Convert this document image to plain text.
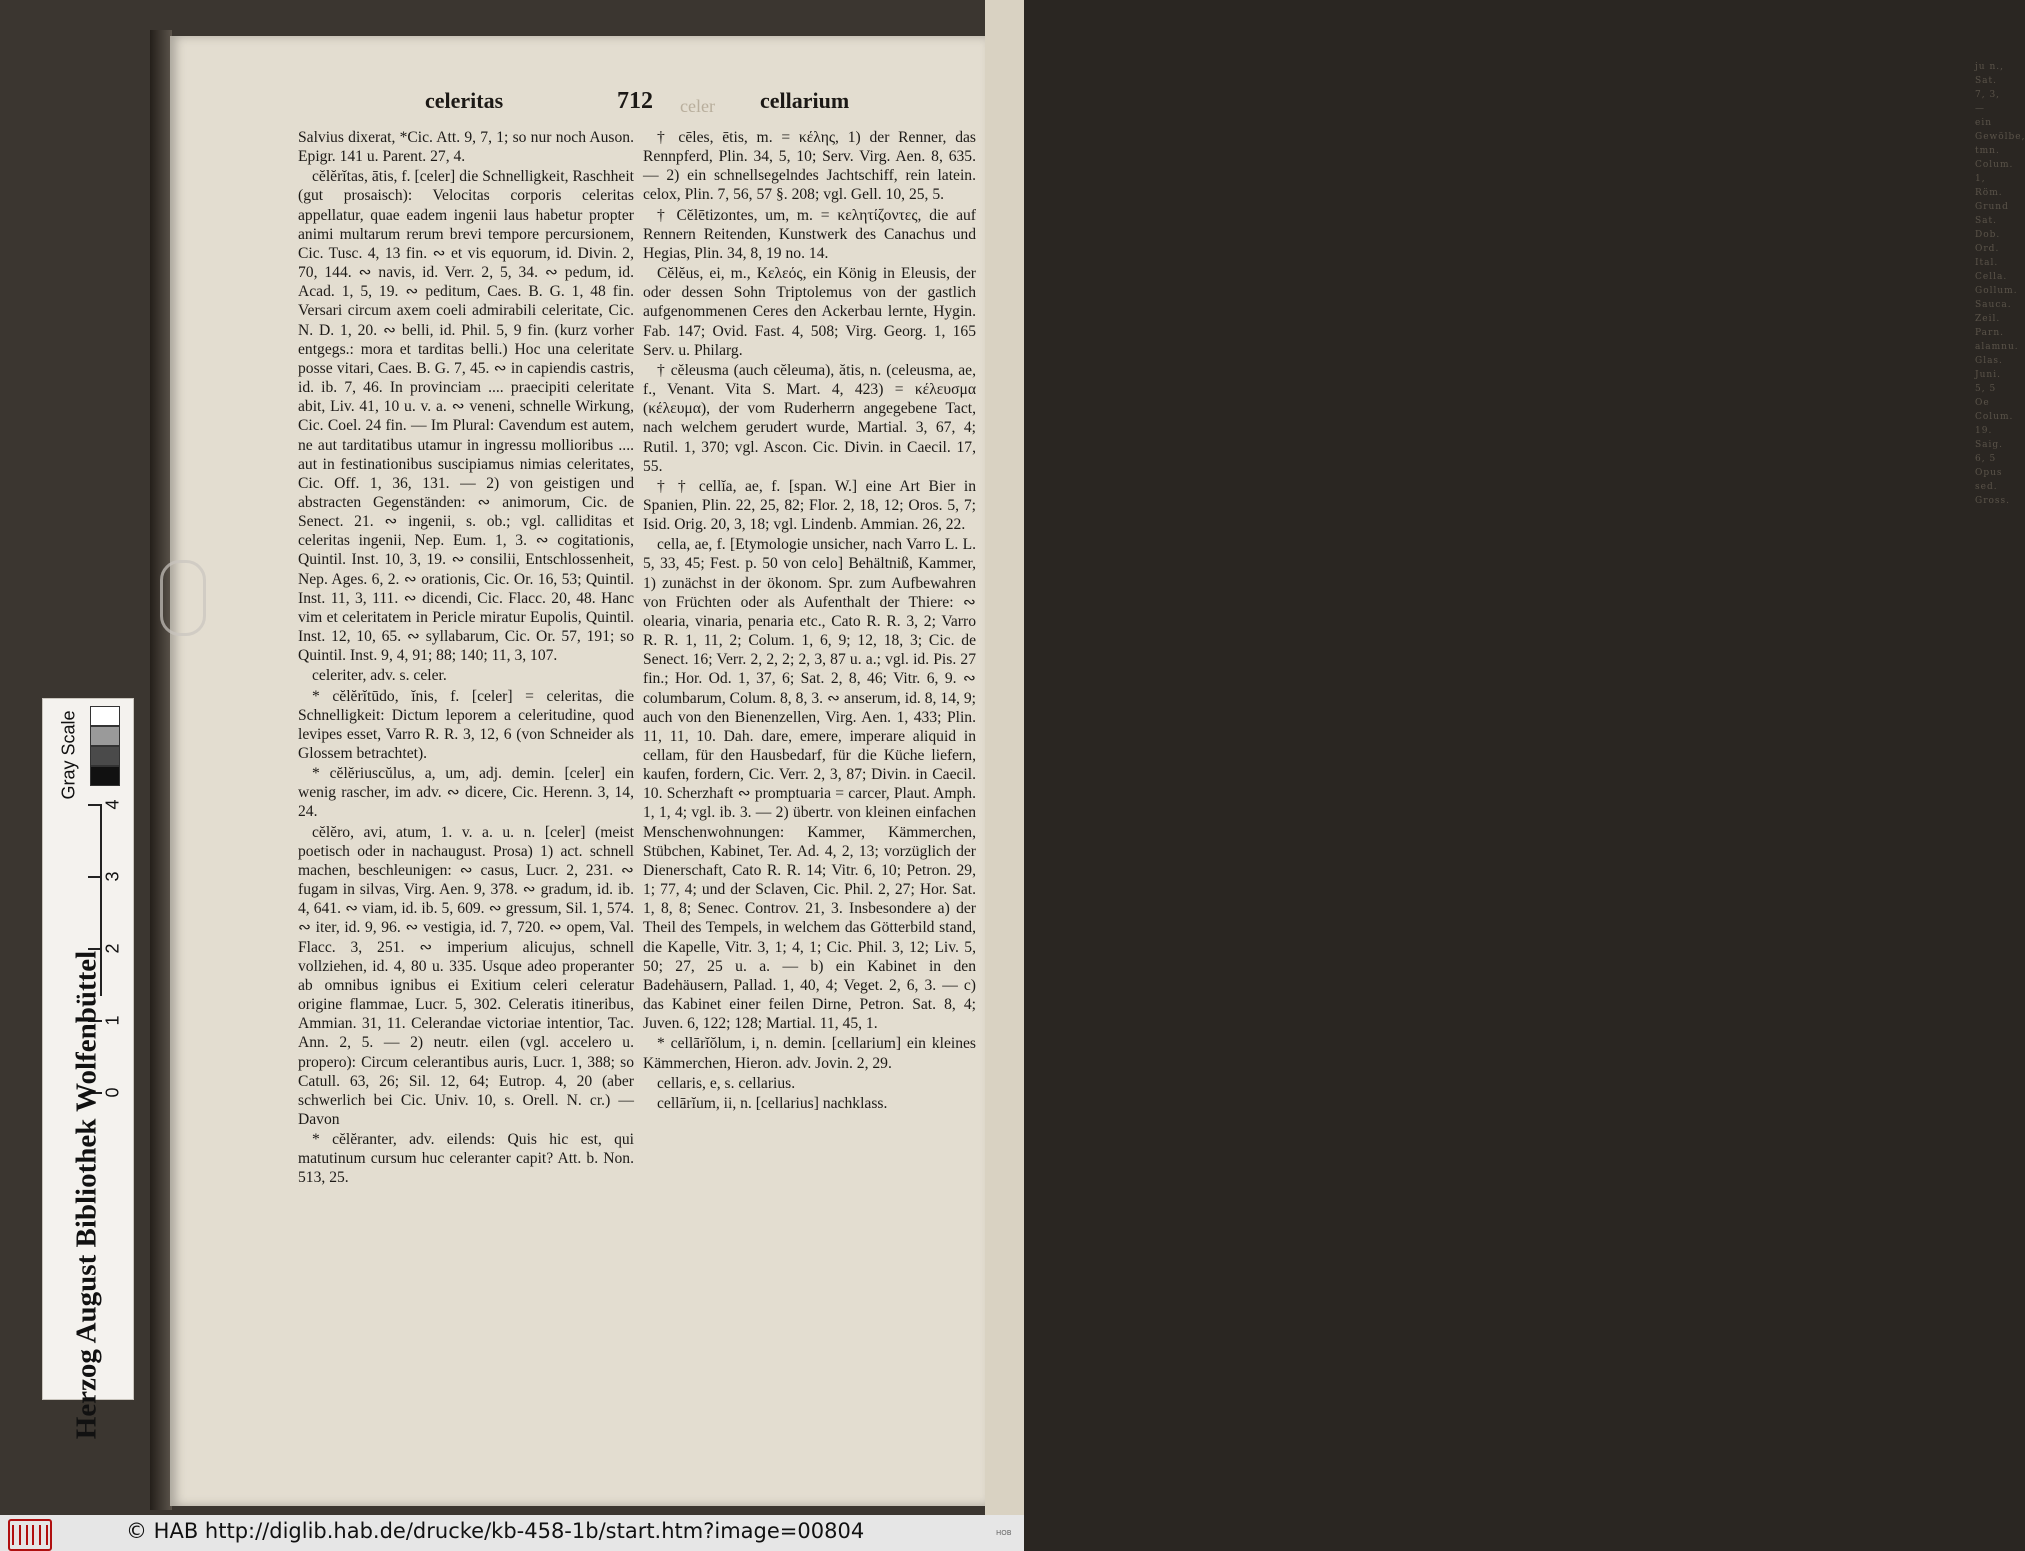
ju n., Sat. 7, 3, — ein Gewölbe, tmn. Colum. 1, Röm. Grund Sat. Dob. Ord. Ital. Cella. Gollum. Sauca. Zeil. Parn. alamnu. Glas. Juni. 5, 5 Oe Colum. 19. Saig. 6, 5 Opus sed. Gross.
celer
celeritas	712	cellarium

Salvius dixerat, *Cic. Att. 9, 7, 1; so nur noch Auson. Epigr. 141 u. Parent. 27, 4.

cĕlĕrĭtas, ātis, f. [celer] die Schnelligkeit, Raschheit (gut prosaisch): Velocitas corporis celeritas appellatur, quae eadem ingenii laus habetur propter animi multarum rerum brevi tempore percursionem, Cic. Tusc. 4, 13 fin. ∾ et vis equorum, id. Divin. 2, 70, 144. ∾ navis, id. Verr. 2, 5, 34. ∾ pedum, id. Acad. 1, 5, 19. ∾ peditum, Caes. B. G. 1, 48 fin. Versari circum axem coeli admirabili celeritate, Cic. N. D. 1, 20. ∾ belli, id. Phil. 5, 9 fin. (kurz vorher entgegs.: mora et tarditas belli.) Hoc una celeritate posse vitari, Caes. B. G. 7, 45. ∾ in capiendis castris, id. ib. 7, 46. In provinciam .... praecipiti celeritate abit, Liv. 41, 10 u. v. a. ∾ veneni, schnelle Wirkung, Cic. Coel. 24 fin. — Im Plural: Cavendum est autem, ne aut tarditatibus utamur in ingressu mollioribus .... aut in festinationibus suscipiamus nimias celeritates, Cic. Off. 1, 36, 131. — 2) von geistigen und abstracten Gegenständen: ∾ animorum, Cic. de Senect. 21. ∾ ingenii, s. ob.; vgl. calliditas et celeritas ingenii, Nep. Eum. 1, 3. ∾ cogitationis, Quintil. Inst. 10, 3, 19. ∾ consilii, Entschlossenheit, Nep. Ages. 6, 2. ∾ orationis, Cic. Or. 16, 53; Quintil. Inst. 11, 3, 111. ∾ dicendi, Cic. Flacc. 20, 48. Hanc vim et celeritatem in Pericle miratur Eupolis, Quintil. Inst. 12, 10, 65. ∾ syllabarum, Cic. Or. 57, 191; so Quintil. Inst. 9, 4, 91; 88; 140; 11, 3, 107.

celeriter, adv. s. celer.

* cĕlĕrĭtūdo, ĭnis, f. [celer] = celeritas, die Schnelligkeit: Dictum leporem a celeritudine, quod levipes esset, Varro R. R. 3, 12, 6 (von Schneider als Glossem betrachtet).

* cĕlĕriuscŭlus, a, um, adj. demin. [celer] ein wenig rascher, im adv. ∾ dicere, Cic. Herenn. 3, 14, 24.

cĕlĕro, avi, atum, 1. v. a. u. n. [celer] (meist poetisch oder in nachaugust. Prosa) 1) act. schnell machen, beschleunigen: ∾ casus, Lucr. 2, 231. ∾ fugam in silvas, Virg. Aen. 9, 378. ∾ gradum, id. ib. 4, 641. ∾ viam, id. ib. 5, 609. ∾ gressum, Sil. 1, 574. ∾ iter, id. 9, 96. ∾ vestigia, id. 7, 720. ∾ opem, Val. Flacc. 3, 251. ∾ imperium alicujus, schnell vollziehen, id. 4, 80 u. 335. Usque adeo properanter ab omnibus ignibus ei Exitium celeri celeratur origine flammae, Lucr. 5, 302. Celeratis itineribus, Ammian. 31, 11. Celerandae victoriae intentior, Tac. Ann. 2, 5. — 2) neutr. eilen (vgl. accelero u. propero): Circum celerantibus auris, Lucr. 1, 388; so Catull. 63, 26; Sil. 12, 64; Eutrop. 4, 20 (aber schwerlich bei Cic. Univ. 10, s. Orell. N. cr.) — Davon

* cĕlĕranter, adv. eilends: Quis hic est, qui matutinum cursum huc celeranter capit? Att. b. Non. 513, 25.

† cēles, ētis, m. = κέλης, 1) der Renner, das Rennpferd, Plin. 34, 5, 10; Serv. Virg. Aen. 8, 635. — 2) ein schnellsegelndes Jachtschiff, rein latein. celox, Plin. 7, 56, 57 §. 208; vgl. Gell. 10, 25, 5.

† Cĕlētizontes, um, m. = κελητίζοντες, die auf Rennern Reitenden, Kunstwerk des Canachus und Hegias, Plin. 34, 8, 19 no. 14.

Cĕlĕus, ei, m., Κελεός, ein König in Eleusis, der oder dessen Sohn Triptolemus von der gastlich aufgenommenen Ceres den Ackerbau lernte, Hygin. Fab. 147; Ovid. Fast. 4, 508; Virg. Georg. 1, 165 Serv. u. Philarg.

† cĕleusma (auch cĕleuma), ătis, n. (celeusma, ae, f., Venant. Vita S. Mart. 4, 423) = κέλευσμα (κέλευμα), der vom Ruderherrn angegebene Tact, nach welchem gerudert wurde, Martial. 3, 67, 4; Rutil. 1, 370; vgl. Ascon. Cic. Divin. in Caecil. 17, 55.

† † cellĭa, ae, f. [span. W.] eine Art Bier in Spanien, Plin. 22, 25, 82; Flor. 2, 18, 12; Oros. 5, 7; Isid. Orig. 20, 3, 18; vgl. Lindenb. Ammian. 26, 22.

cella, ae, f. [Etymologie unsicher, nach Varro L. L. 5, 33, 45; Fest. p. 50 von celo] Behältniß, Kammer, 1) zunächst in der ökonom. Spr. zum Aufbewahren von Früchten oder als Aufenthalt der Thiere: ∾ olearia, vinaria, penaria etc., Cato R. R. 3, 2; Varro R. R. 1, 11, 2; Colum. 1, 6, 9; 12, 18, 3; Cic. de Senect. 16; Verr. 2, 2, 2; 2, 3, 87 u. a.; vgl. id. Pis. 27 fin.; Hor. Od. 1, 37, 6; Sat. 2, 8, 46; Vitr. 6, 9. ∾ columbarum, Colum. 8, 8, 3. ∾ anserum, id. 8, 14, 9; auch von den Bienenzellen, Virg. Aen. 1, 433; Plin. 11, 11, 10. Dah. dare, emere, imperare aliquid in cellam, für den Hausbedarf, für die Küche liefern, kaufen, fordern, Cic. Verr. 2, 3, 87; Divin. in Caecil. 10. Scherzhaft ∾ promptuaria = carcer, Plaut. Amph. 1, 1, 4; vgl. ib. 3. — 2) übertr. von kleinen einfachen Menschenwohnungen: Kammer, Kämmerchen, Stübchen, Kabinet, Ter. Ad. 4, 2, 13; vorzüglich der Dienerschaft, Cato R. R. 14; Vitr. 6, 10; Petron. 29, 1; 77, 4; und der Sclaven, Cic. Phil. 2, 27; Hor. Sat. 1, 8, 8; Senec. Controv. 21, 3. Insbesondere a) der Theil des Tempels, in welchem das Götterbild stand, die Kapelle, Vitr. 3, 1; 4, 1; Cic. Phil. 3, 12; Liv. 5, 50; 27, 25 u. a. — b) ein Kabinet in den Badehäusern, Pallad. 1, 40, 4; Veget. 2, 6, 3. — c) das Kabinet einer feilen Dirne, Petron. Sat. 8, 4; Juven. 6, 122; 128; Martial. 11, 45, 1.

* cellārĭŏlum, i, n. demin. [cellarium] ein kleines Kämmerchen, Hieron. adv. Jovin. 2, 29.

cellaris, e, s. cellarius.

cellārĭum, ii, n. [cellarius] nachklass.

Gray Scale
0
1
2
3
4
Herzog August Bibliothek Wolfenbüttel
© HAB http://diglib.hab.de/drucke/kb-458-1b/start.htm?image=00804	HOB
